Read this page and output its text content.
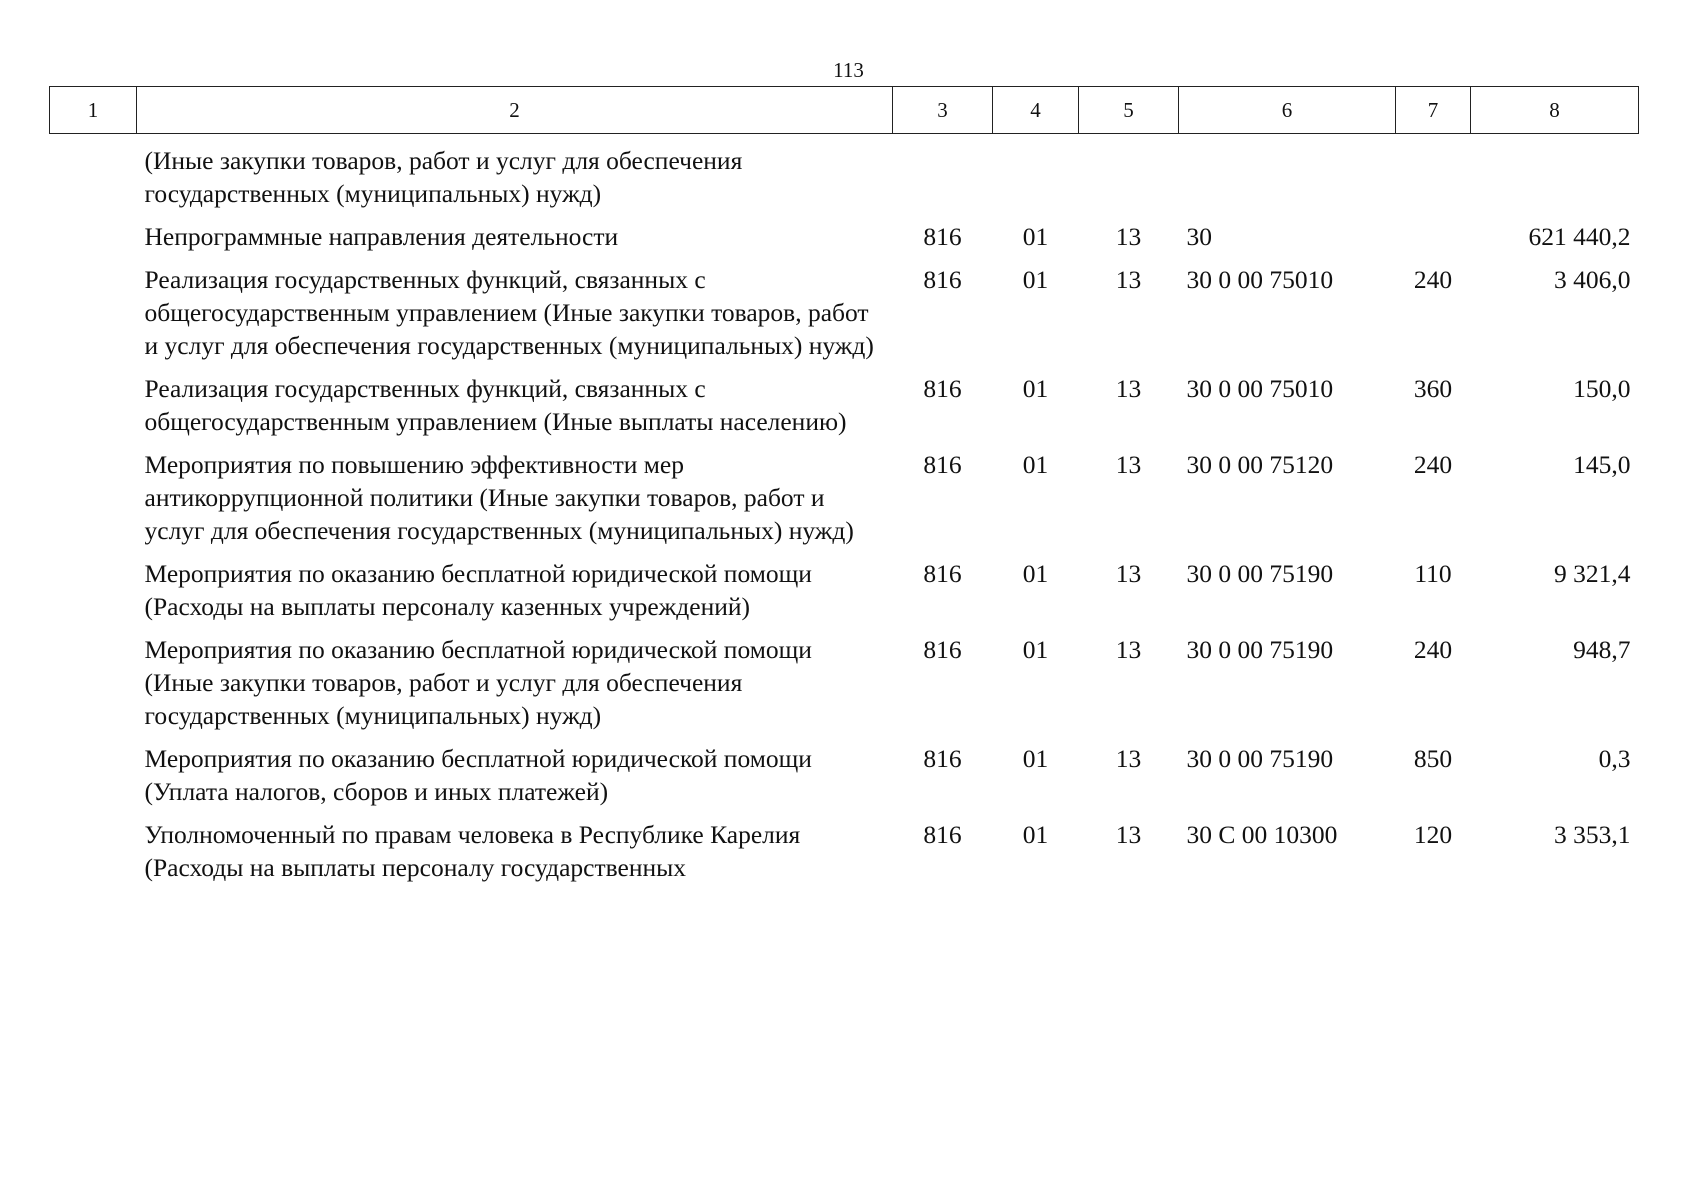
113
1	2	3	4	5	6	7	8
	(Иные закупки товаров, работ и услуг для обеспечения государственных (муниципальных) нужд)						
	Непрограммные направления деятельности	816	01	13	30		621 440,2
	Реализация государственных функций, связанных с общегосударственным управлением (Иные закупки товаров, работ и услуг для обеспечения государственных (муниципальных) нужд)	816	01	13	30 0 00 75010	240	3 406,0
	Реализация государственных функций, связанных с общегосударственным управлением (Иные выплаты населению)	816	01	13	30 0 00 75010	360	150,0
	Мероприятия по повышению эффективности мер антикоррупционной политики (Иные закупки товаров, работ и услуг для обеспечения государственных (муниципальных) нужд)	816	01	13	30 0 00 75120	240	145,0
	Мероприятия по оказанию бесплатной юридической помощи (Расходы на выплаты персоналу казенных учреждений)	816	01	13	30 0 00 75190	110	9 321,4
	Мероприятия по оказанию бесплатной юридической помощи (Иные закупки товаров, работ и услуг для обеспечения государственных (муниципальных) нужд)	816	01	13	30 0 00 75190	240	948,7
	Мероприятия по оказанию бесплатной юридической помощи (Уплата налогов, сборов и иных платежей)	816	01	13	30 0 00 75190	850	0,3
	Уполномоченный по правам человека в Республике Карелия (Расходы на выплаты персоналу государственных	816	01	13	30 С 00 10300	120	3 353,1
